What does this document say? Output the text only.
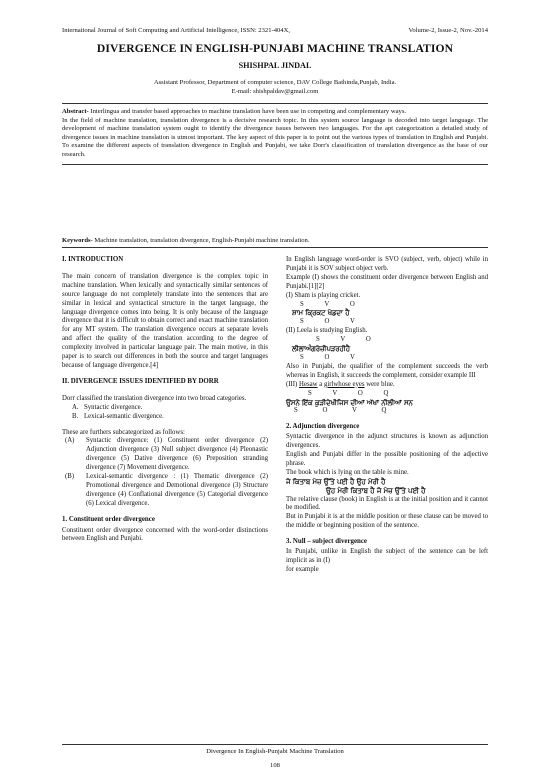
International Journal of Soft Computing and Artificial Intelligence, ISSN: 2321-404X,	Volume-2, Issue-2, Nov.-2014
DIVERGENCE IN ENGLISH-PUNJABI MACHINE TRANSLATION
SHISHPAL JINDAL
Assistant Professor, Department of computer science, DAV College Bathinda,Punjab, India.
E-mail: shishpaldav@gmail.com

Abstract- Interlingua and transfer based approaches to machine translation have been use in competing and complementary ways.

In the field of machine translation, translation divergence is a decisive research topic. In this system source language is decoded into target language. The development of machine translation system ought to identify the divergence issues between two languages. For the apt categorization a detailed study of divergence issues in machine translation is utmost important. The key aspect of this paper is to point out the various types of translation in English and Punjabi. To examine the different aspects of translation divergence in English and Punjabi, we take Dorr's classification of translation divergence as the base of our research.

Keywords- Machine translation, translation divergence, English-Punjabi machine translation.
I. INTRODUCTION

The main concern of translation divergence is the complex topic in machine translation. When lexically and syntactically similar sentences of source language do not completely translate into the sentences that are similar in lexical and syntactical structure in the target language, the language divergence comes into being. It is only because of the language divergence that it is difficult to obtain correct and exact machine translation for any MT system. The translation divergence occurs at separate levels and affect the quality of the translation according to the degree of complexity involved in particular language pair. The main motive, in this paper is to search out differences in both the source and target languages because of language divergence.[4]

II. DIVERGENCE ISSUES IDENTIFIED BY DORR

Dorr classified the translation divergence into two broad categories.

A. Syntactic divergence.
B. Lexical-semantic divergence.

These are furthers subcategorized as follows:

(A) Syntactic divergence: (1) Constituent order divergence (2) Adjunction divergence (3) Null subject divergence (4) Pleonastic divergence (5) Dative divergence (6) Preposition stranding divergence (7) Movement divergence.

(B) Lexical-semantic divergence : (1) Thematic divergence (2) Promotional divergence and Demotional divergence (3) Structure divergence (4) Conflational divergence (5) Categorial divergence (6) Lexical divergence.

1. Constituent order divergence

Constituent order divergence concerned with the word-order distinctions between English and Punjabi.

In English language word-order is SVO (subject, verb, object) while in Punjabi it is SOV subject object verb.

Example (I) shows the constituent order divergence between English and Punjabi.[1][2]

(I) Sham is playing cricket.

S V O

ਸ਼ਾਮ ਕ੍ਰਿਕਟ ਖੇਡਦਾ ਹੈ

S O V

(II) Leela is studying English.

S V O

ਲੀਲਾਅੰਗਰੇਜ਼ੀਪੜਰਹੀਹੈ

S O V

Also in Punjabi, the qualifier of the complement succeeds the verb whereas in English, it succeeds the complement, consider example III

(III) Hesaw a girlwhose eyes were blue.

S V O Q

ਉਸਨੇ ਇੱਕ ਕੁੜੀਦੇਖੀਜਿਸ ਦੀਆਂ ਅੱਖਾਂ ਨੀਲੀਆਂ ਸਨ

S O V Q

2. Adjunction divergence

Syntactic divergence in the adjunct structures is known as adjunction divergences.

English and Punjabi differ in the possible positioning of the adjective phrase.

The book which is lying on the table is mine.

ਜੋ ਕਿਤਾਬ ਮੇਜ਼ ਉੱਤੇ ਪਈ ਹੈ ਉਹ ਮੇਰੀ ਹੈ

ਉਹ ਮੇਰੀ ਕਿਤਾਬ ਹੈ ਜੋ ਮੇਜ਼ ਉੱਤੇ ਪਈ ਹੈ

The relative clause (book) in English is at the initial position and it cannot be modified.

But in Punjabi it is at the middle position or these clause can be moved to the middle or beginning position of the sentence.

3. Null – subject divergence

In Punjabi, unlike in English the subject of the sentence can be left implicit as in (I)

for example

Divergence In English-Punjabi Machine Translation
108
